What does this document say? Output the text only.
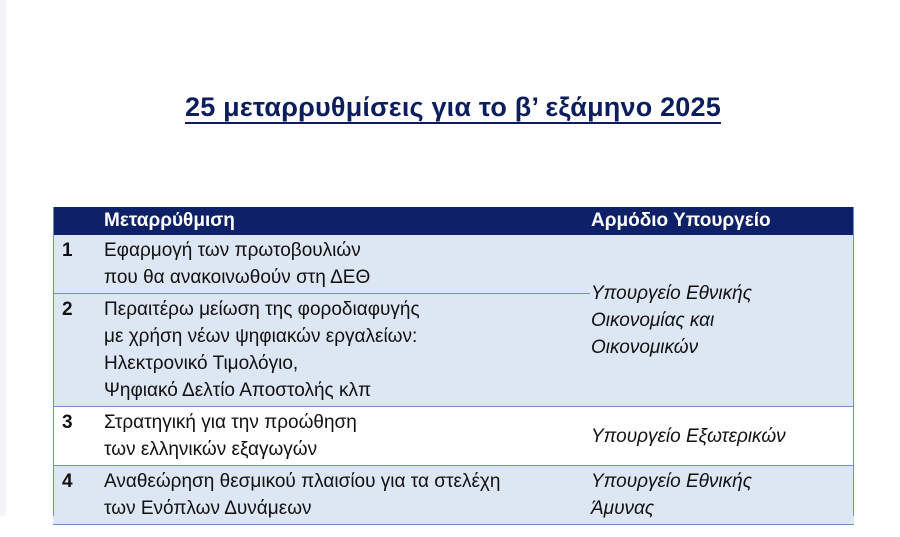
25 μεταρρυθμίσεις για το β’ εξάμηνο 2025
	Μεταρρύθμιση	Αρμόδιο Υπουργείο
1	Εφαρμογή των πρωτοβουλιών
που θα ανακοινωθούν στη ΔΕΘ	Υπουργείο Εθνικής
Οικονομίας και
Οικονομικών

2	Περαιτέρω μείωση της φοροδιαφυγής
με χρήση νέων ψηφιακών εργαλείων:
Ηλεκτρονικό Τιμολόγιο,
Ψηφιακό Δελτίο Αποστολής κλπ	

3	Στρατηγική για την προώθηση
των ελληνικών εξαγωγών	Υπουργείο Εξωτερικών

4	Αναθεώρηση θεσμικού πλαισίου για τα στελέχη
των Ενόπλων Δυνάμεων	Υπουργείο Εθνικής
Άμυνας
